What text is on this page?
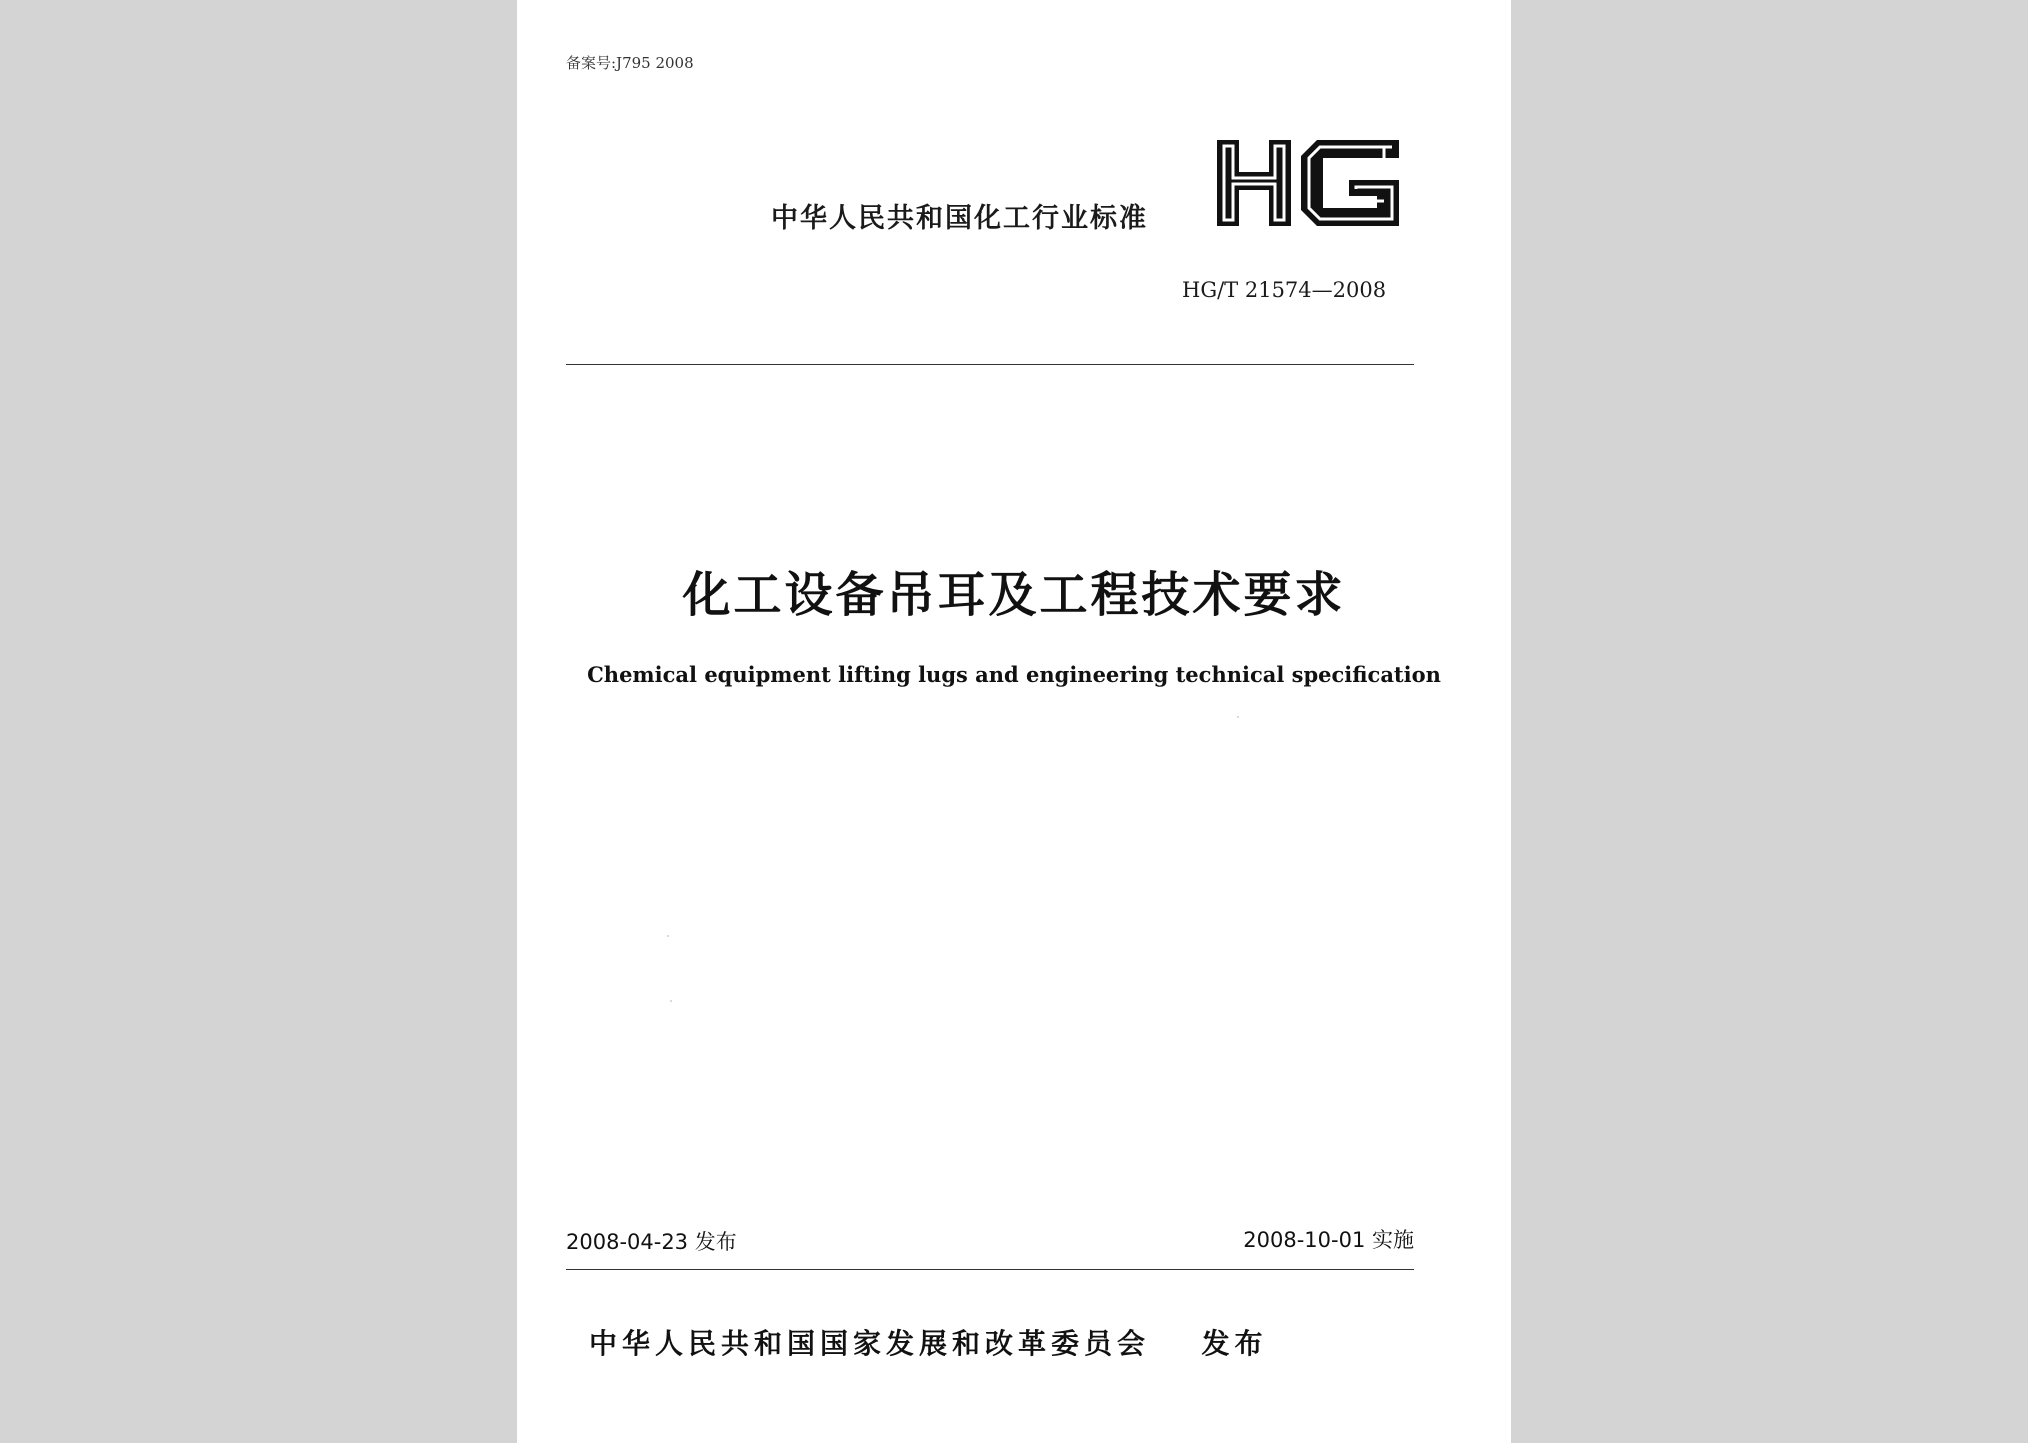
备案号:J795 2008
中华人民共和国化工行业标准
HG
HG/T 21574—2008
化工设备吊耳及工程技术要求
Chemical equipment lifting lugs and engineering technical specification
2008-04-23 发布	2008-10-01 实施
中华人民共和国国家发展和改革委员会 发布
